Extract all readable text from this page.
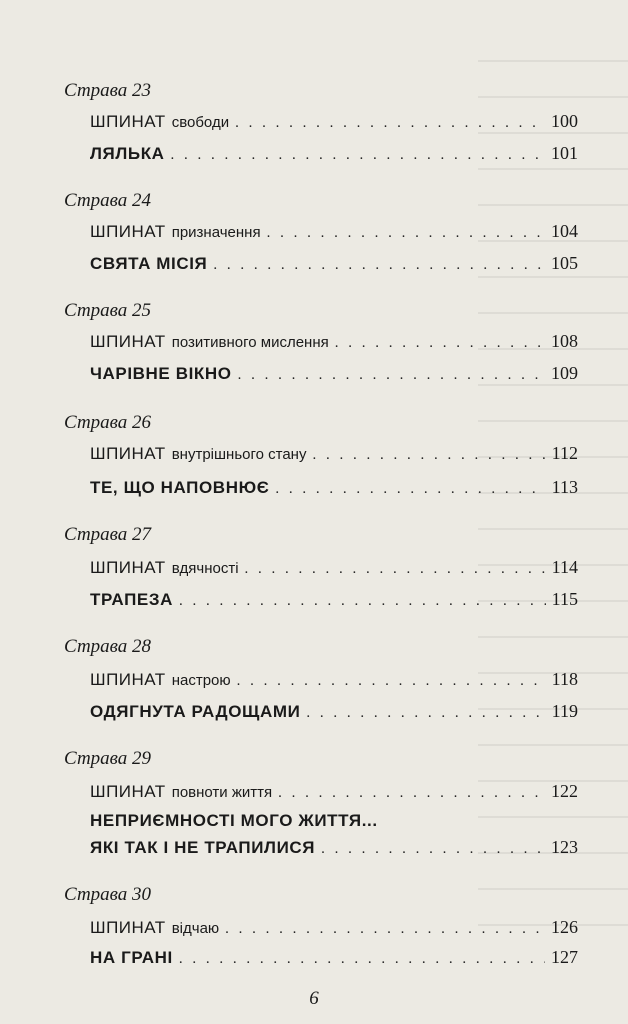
Страва 23
ШПИНАТ свободи . . .	100
ЛЯЛЬКА . . .	101
Страва 24
ШПИНАТ призначення . . .	104
СВЯТА МІСІЯ . . .	105
Страва 25
ШПИНАТ позитивного мислення . . .	108
ЧАРІВНЕ ВІКНО . . .	109
Страва 26
ШПИНАТ внутрішнього стану . . .	112
ТЕ, ЩО НАПОВНЮЄ . . .	113
Страва 27
ШПИНАТ вдячності . . .	114
ТРАПЕЗА . . .	115
Страва 28
ШПИНАТ настрою . . .	118
ОДЯГНУТА РАДОЩАМИ . . .	119
Страва 29
ШПИНАТ повноти життя . . .	122
НЕПРИЄМНОСТІ МОГО ЖИТТЯ...
ЯКІ ТАК І НЕ ТРАПИЛИСЯ . . .	123
Страва 30
ШПИНАТ відчаю . . .	126
НА ГРАНІ . . .	127
6
